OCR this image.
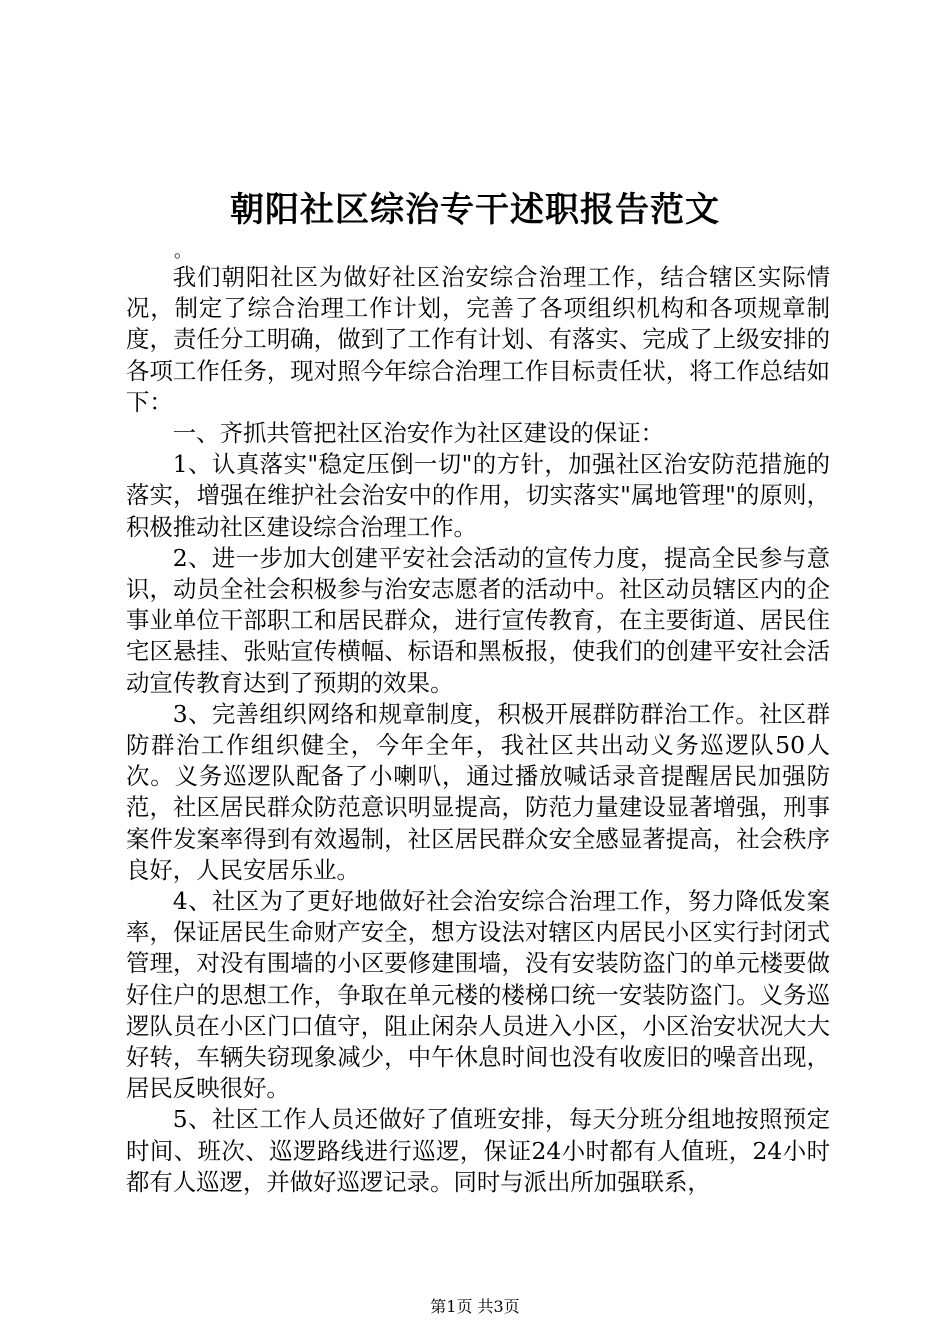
朝阳社区综治专干述职报告范文
。

我们朝阳社区为做好社区治安综合治理工作，结合辖区实际情况，制定了综合治理工作计划，完善了各项组织机构和各项规章制度，责任分工明确，做到了工作有计划、有落实、完成了上级安排的各项工作任务，现对照今年综合治理工作目标责任状，将工作总结如下：

一、齐抓共管把社区治安作为社区建设的保证：

1、认真落实"稳定压倒一切"的方针，加强社区治安防范措施的落实，增强在维护社会治安中的作用，切实落实"属地管理"的原则，积极推动社区建设综合治理工作。

2、进一步加大创建平安社会活动的宣传力度，提高全民参与意识，动员全社会积极参与治安志愿者的活动中。社区动员辖区内的企事业单位干部职工和居民群众，进行宣传教育，在主要街道、居民住宅区悬挂、张贴宣传横幅、标语和黑板报，使我们的创建平安社会活动宣传教育达到了预期的效果。

3、完善组织网络和规章制度，积极开展群防群治工作。社区群防群治工作组织健全，今年全年，我社区共出动义务巡逻队50人次。义务巡逻队配备了小喇叭，通过播放喊话录音提醒居民加强防范，社区居民群众防范意识明显提高，防范力量建设显著增强，刑事案件发案率得到有效遏制，社区居民群众安全感显著提高，社会秩序良好，人民安居乐业。

4、社区为了更好地做好社会治安综合治理工作，努力降低发案率，保证居民生命财产安全，想方设法对辖区内居民小区实行封闭式管理，对没有围墙的小区要修建围墙，没有安装防盗门的单元楼要做好住户的思想工作，争取在单元楼的楼梯口统一安装防盗门。义务巡逻队员在小区门口值守，阻止闲杂人员进入小区，小区治安状况大大好转，车辆失窃现象减少，中午休息时间也没有收废旧的噪音出现，居民反映很好。

5、社区工作人员还做好了值班安排，每天分班分组地按照预定时间、班次、巡逻路线进行巡逻，保证24小时都有人值班，24小时都有人巡逻，并做好巡逻记录。同时与派出所加强联系，

第1页 共3页
